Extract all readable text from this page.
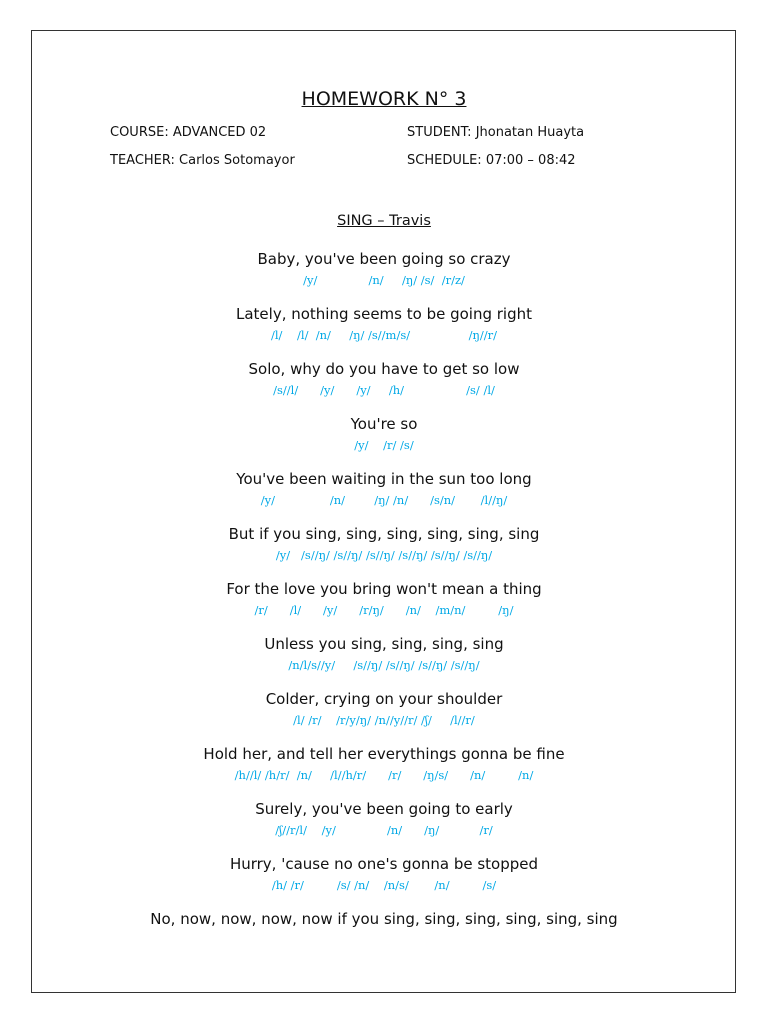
HOMEWORK N° 3
COURSE: ADVANCED 02	STUDENT: Jhonatan Huayta
TEACHER: Carlos Sotomayor	SCHEDULE: 07:00 – 08:42
SING – Travis
Baby, you've been going so crazy
/y/              /n/     /ŋ/ /s/  /r/z/
Lately, nothing seems to be going right
/l/    /l/  /n/     /ŋ/ /s//m/s/                /ŋ//r/
Solo, why do you have to get so low
/s//l/      /y/      /y/     /h/                 /s/ /l/
You're so
/y/    /r/ /s/
You've been waiting in the sun too long
/y/               /n/        /ŋ/ /n/      /s/n/       /l//ŋ/
But if you sing, sing, sing, sing, sing, sing
/y/   /s//ŋ/ /s//ŋ/ /s//ŋ/ /s//ŋ/ /s//ŋ/ /s//ŋ/
For the love you bring won't mean a thing
/r/      /l/      /y/      /r/ŋ/      /n/    /m/n/         /ŋ/
Unless you sing, sing, sing, sing
/n/l/s//y/     /s//ŋ/ /s//ŋ/ /s//ŋ/ /s//ŋ/
Colder, crying on your shoulder
/l/ /r/    /r/y/ŋ/ /n//y//r/ /ʃ/     /l//r/
Hold her, and tell her everythings gonna be fine
/h//l/ /h/r/  /n/     /l//h/r/      /r/      /ŋ/s/      /n/         /n/
Surely, you've been going to early
/ʃ//r/l/    /y/              /n/      /ŋ/           /r/
Hurry, 'cause no one's gonna be stopped
/h/ /r/         /s/ /n/    /n/s/       /n/         /s/
No, now, now, now, now if you sing, sing, sing, sing, sing, sing
